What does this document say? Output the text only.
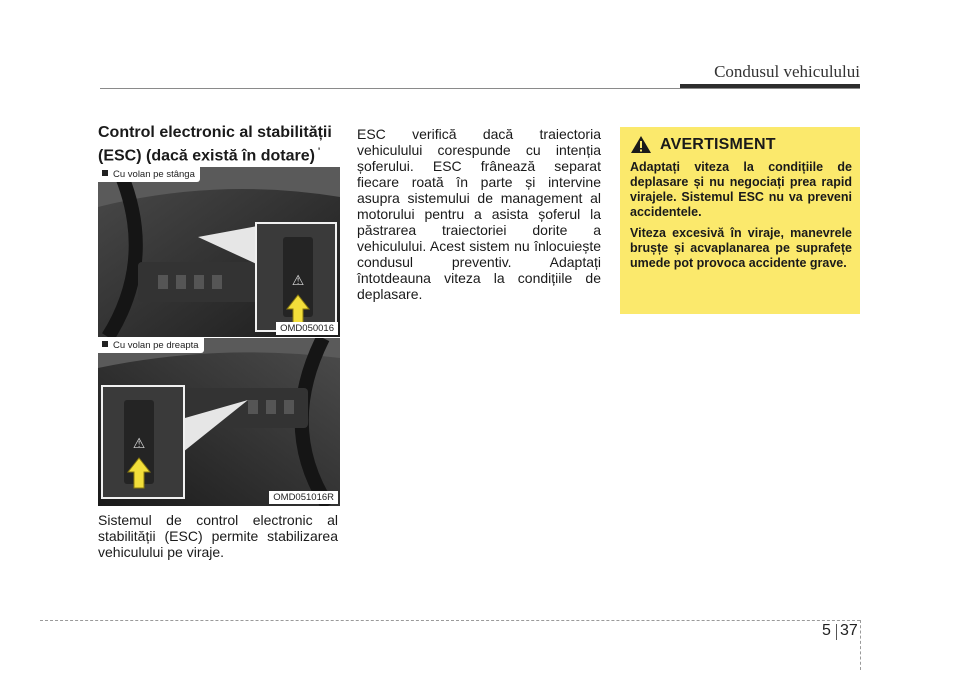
Condusul vehiculului

Control electronic al stabilității
(ESC) (dacă există în dotare) '

⚠
Cu volan pe stânga
OMD050016
⚠
Cu volan pe dreapta
OMD051016R

Sistemul de control electronic al stabilității (ESC) permite stabilizarea vehiculului pe viraje.

ESC verifică dacă traiectoria vehiculului corespunde cu intenția șoferului. ESC frânează separat fiecare roată în parte și intervine asupra sistemului de management al motorului pentru a asista șoferul la păstrarea traiectoriei dorite a vehiculului. Acest sistem nu înlocuiește condusul preventiv. Adaptați întotdeauna viteza la condițiile de deplasare.

AVERTISMENT

Adaptați viteza la condițiile de deplasare și nu negociați prea rapid virajele. Sistemul ESC nu va preveni accidentele.

Viteza excesivă în viraje, manevrele brușțe și acvaplanarea pe suprafețe umede pot provoca accidente grave.

5 37
